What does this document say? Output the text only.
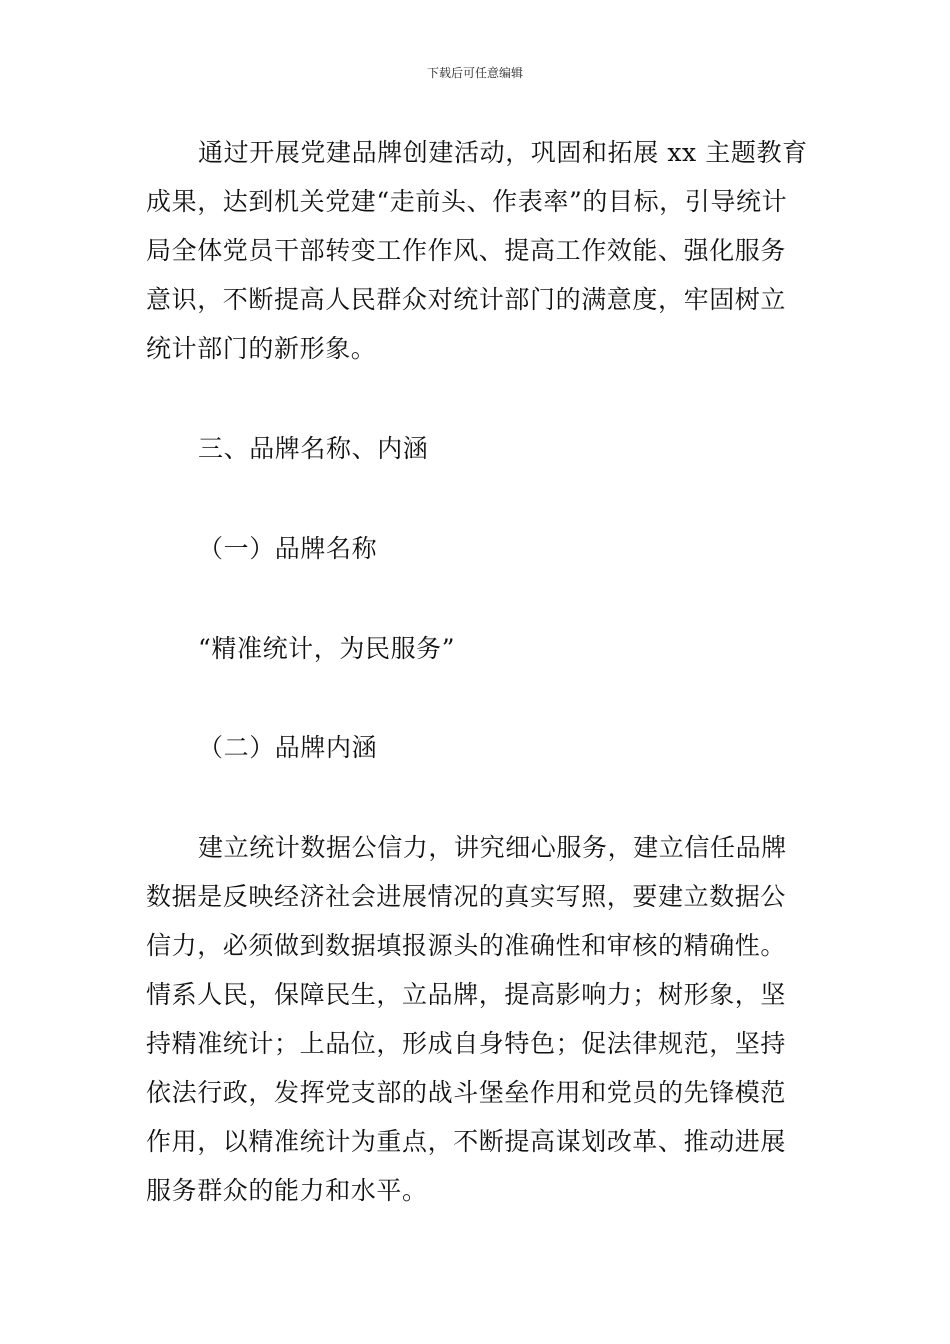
下载后可任意编辑
通过开展党建品牌创建活动，巩固和拓展 xx 主题教育成果，达到机关党建“走前头、作表率”的目标，引导统计局全体党员干部转变工作作风、提高工作效能、强化服务意识，不断提高人民群众对统计部门的满意度，牢固树立统计部门的新形象。
三、品牌名称、内涵
（一）品牌名称
“精准统计，为民服务”
（二）品牌内涵
建立统计数据公信力，讲究细心服务，建立信任品牌数据是反映经济社会进展情况的真实写照，要建立数据公信力，必须做到数据填报源头的准确性和审核的精确性。情系人民，保障民生，立品牌，提高影响力；树形象，坚持精准统计；上品位，形成自身特色；促法律规范，坚持依法行政，发挥党支部的战斗堡垒作用和党员的先锋模范作用，以精准统计为重点，不断提高谋划改革、推动进展服务群众的能力和水平。
